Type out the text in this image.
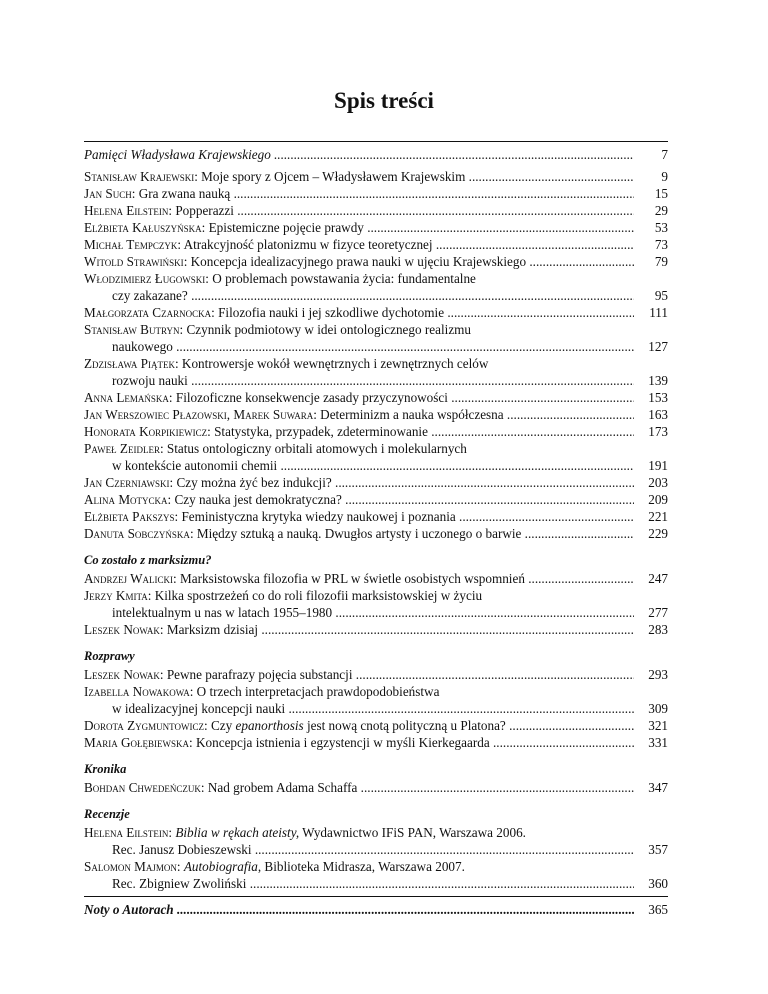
Spis treści
Pamięci Władysława Krajewskiego .....	7
Stanisław Krajewski: Moje spory z Ojcem – Władysławem Krajewskim .....	9
Jan Such: Gra zwana nauką .....	15
Helena Eilstein: Popperazzi .....	29
Elżbieta Kałuszyńska: Epistemiczne pojęcie prawdy .....	53
Michał Tempczyk: Atrakcyjność platonizmu w fizyce teoretycznej .....	73
Witold Strawiński: Koncepcja idealizacyjnego prawa nauki w ujęciu Krajewskiego .....	79
Włodzimierz Ługowski: O problemach powstawania życia: fundamentalne
czy zakazane? .....	95
Małgorzata Czarnocka: Filozofia nauki i jej szkodliwe dychotomie .....	111
Stanisław Butryn: Czynnik podmiotowy w idei ontologicznego realizmu
naukowego .....	127
Zdzisława Piątek: Kontrowersje wokół wewnętrznych i zewnętrznych celów
rozwoju nauki .....	139
Anna Lemańska: Filozoficzne konsekwencje zasady przyczynowości .....	153
Jan Werszowiec Płazowski, Marek Suwara: Determinizm a nauka współczesna .....	163
Honorata Korpikiewicz: Statystyka, przypadek, zdeterminowanie .....	173
Paweł Zeidler: Status ontologiczny orbitali atomowych i molekularnych
w kontekście autonomii chemii .....	191
Jan Czerniawski: Czy można żyć bez indukcji? .....	203
Alina Motycka: Czy nauka jest demokratyczna? .....	209
Elżbieta Pakszys: Feministyczna krytyka wiedzy naukowej i poznania .....	221
Danuta Sobczyńska: Między sztuką a nauką. Dwugłos artysty i uczonego o barwie .....	229
Co zostało z marksizmu?
Andrzej Walicki: Marksistowska filozofia w PRL w świetle osobistych wspomnień .....	247
Jerzy Kmita: Kilka spostrzeżeń co do roli filozofii marksistowskiej w życiu
intelektualnym u nas w latach 1955–1980 .....	277
Leszek Nowak: Marksizm dzisiaj .....	283
Rozprawy
Leszek Nowak: Pewne parafrazy pojęcia substancji .....	293
Izabella Nowakowa: O trzech interpretacjach prawdopodobieństwa
w idealizacyjnej koncepcji nauki .....	309
Dorota Zygmuntowicz: Czy epanorthosis jest nową cnotą polityczną u Platona? .....	321
Maria Gołębiewska: Koncepcja istnienia i egzystencji w myśli Kierkegaarda .....	331
Kronika
Bohdan Chwedeńczuk: Nad grobem Adama Schaffa .....	347
Recenzje
Helena Eilstein: Biblia w rękach ateisty, Wydawnictwo IFiS PAN, Warszawa 2006.
Rec. Janusz Dobieszewski .....	357
Salomon Majmon: Autobiografia, Biblioteka Midrasza, Warszawa 2007.
Rec. Zbigniew Zwoliński .....	360
Noty o Autorach .....	365
